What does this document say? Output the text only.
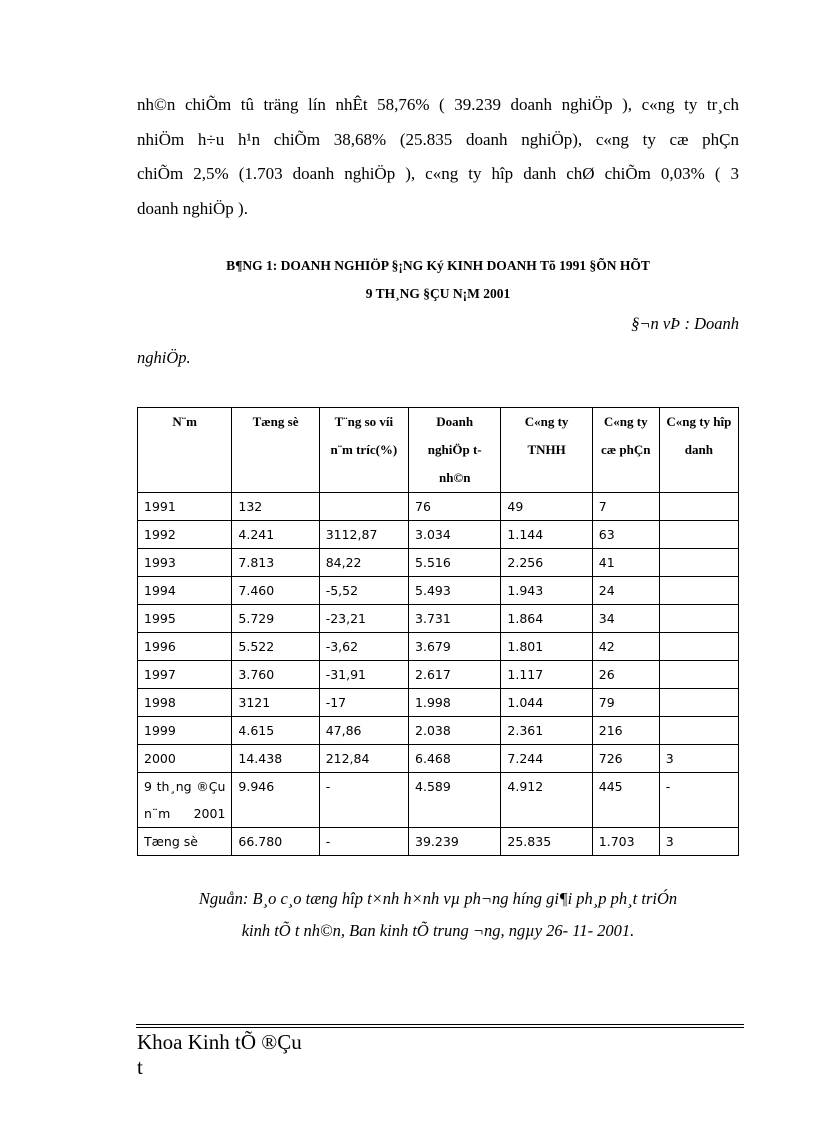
nh©n chiÕm tû träng lín nhÊt 58,76% ( 39.239 doanh nghiÖp ), c«ng ty tr¸ch
nhiÖm h÷u h¹n chiÕm 38,68% (25.835 doanh nghiÖp), c«ng ty cæ phÇn
chiÕm 2,5% (1.703 doanh nghiÖp ), c«ng ty hîp danh chØ chiÕm 0,03% ( 3
doanh nghiÖp ).

B¶NG 1: DOANH NGHIÖP §¡NG Ký KINH DOANH Tõ 1991 §ÕN HÕT

9 TH¸NG §ÇU N¡M 2001

§¬n vÞ : Doanh
nghiÖp.
N¨m	Tæng sè	T¨ng so víi n¨m tríc(%)	Doanh nghiÖp t nh©n	C«ng ty TNHH	C«ng ty cæ phÇn	C«ng ty hîp danh
1991	132		76	49	7	
1992	4.241	3112,87	3.034	1.144	63	
1993	7.813	84,22	5.516	2.256	41	
1994	7.460	-5,52	5.493	1.943	24	
1995	5.729	-23,21	3.731	1.864	34	
1996	5.522	-3,62	3.679	1.801	42	
1997	3.760	-31,91	2.617	1.117	26	
1998	3121	-17	1.998	1.044	79	
1999	4.615	47,86	2.038	2.361	216	
2000	14.438	212,84	6.468	7.244	726	3
9 th¸ng ®Çu n¨m 2001	9.946	-	4.589	4.912	445	-
Tæng sè	66.780	-	39.239	25.835	1.703	3

Nguån: B¸o c¸o tæng hîp t×nh h×nh vµ ph¬ng híng gi¶i ph¸p ph¸t triÓn

kinh tÕ t nh©n, Ban kinh tÕ trung ¬ng, ngµy 26- 11- 2001.

Khoa Kinh tÕ ®Çu t
